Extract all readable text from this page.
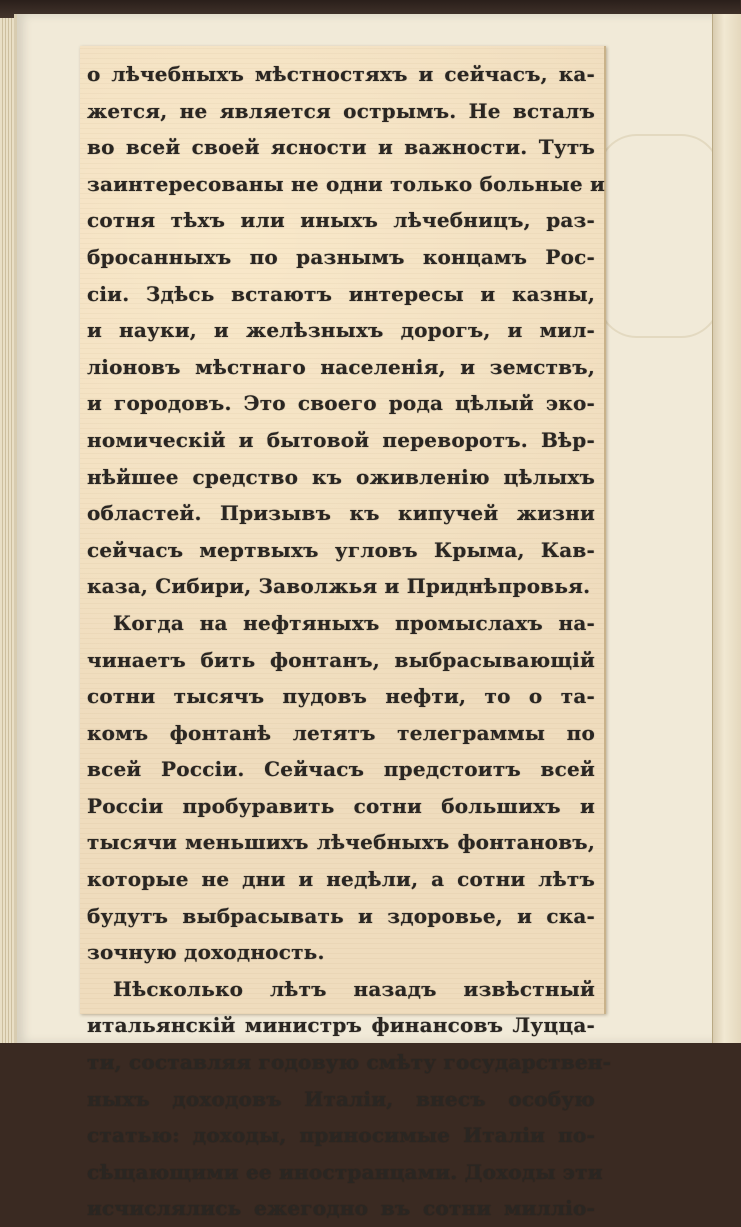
о лѣчебныхъ мѣстностяхъ и сейчасъ, ка-
жется, не является острымъ. Не всталъ
во всей своей ясности и важности. Тутъ
заинтересованы не одни только больные и
сотня тѣхъ или иныхъ лѣчебницъ, раз-
бросанныхъ по разнымъ концамъ Рос-
сіи. Здѣсь встаютъ интересы и казны,
и науки, и желѣзныхъ дорогъ, и мил-
ліоновъ мѣстнаго населенія, и земствъ,
и городовъ. Это своего рода цѣлый эко-
номическій и бытовой переворотъ. Вѣр-
нѣйшее средство къ оживленію цѣлыхъ
областей. Призывъ къ кипучей жизни
сейчасъ мертвыхъ угловъ Крыма, Кав-
каза, Сибири, Заволжья и Приднѣпровья.
Когда на нефтяныхъ промыслахъ на-
чинаетъ бить фонтанъ, выбрасывающій
сотни тысячъ пудовъ нефти, то о та-
комъ фонтанѣ летятъ телеграммы по
всей Россіи. Сейчасъ предстоитъ всей
Россіи пробуравить сотни большихъ и
тысячи меньшихъ лѣчебныхъ фонтановъ,
которые не дни и недѣли, а сотни лѣтъ
будутъ выбрасывать и здоровье, и ска-
зочную доходность.
Нѣсколько лѣтъ назадъ извѣстный
итальянскій министръ финансовъ Луцца-
ти, составляя годовую смѣту государствен-
ныхъ доходовъ Италіи, внесъ особую
статью: доходы, приносимые Италіи по-
сѣщающими ее иностранцами. Доходы эти
исчислялись ежегодно въ сотни милліо-
